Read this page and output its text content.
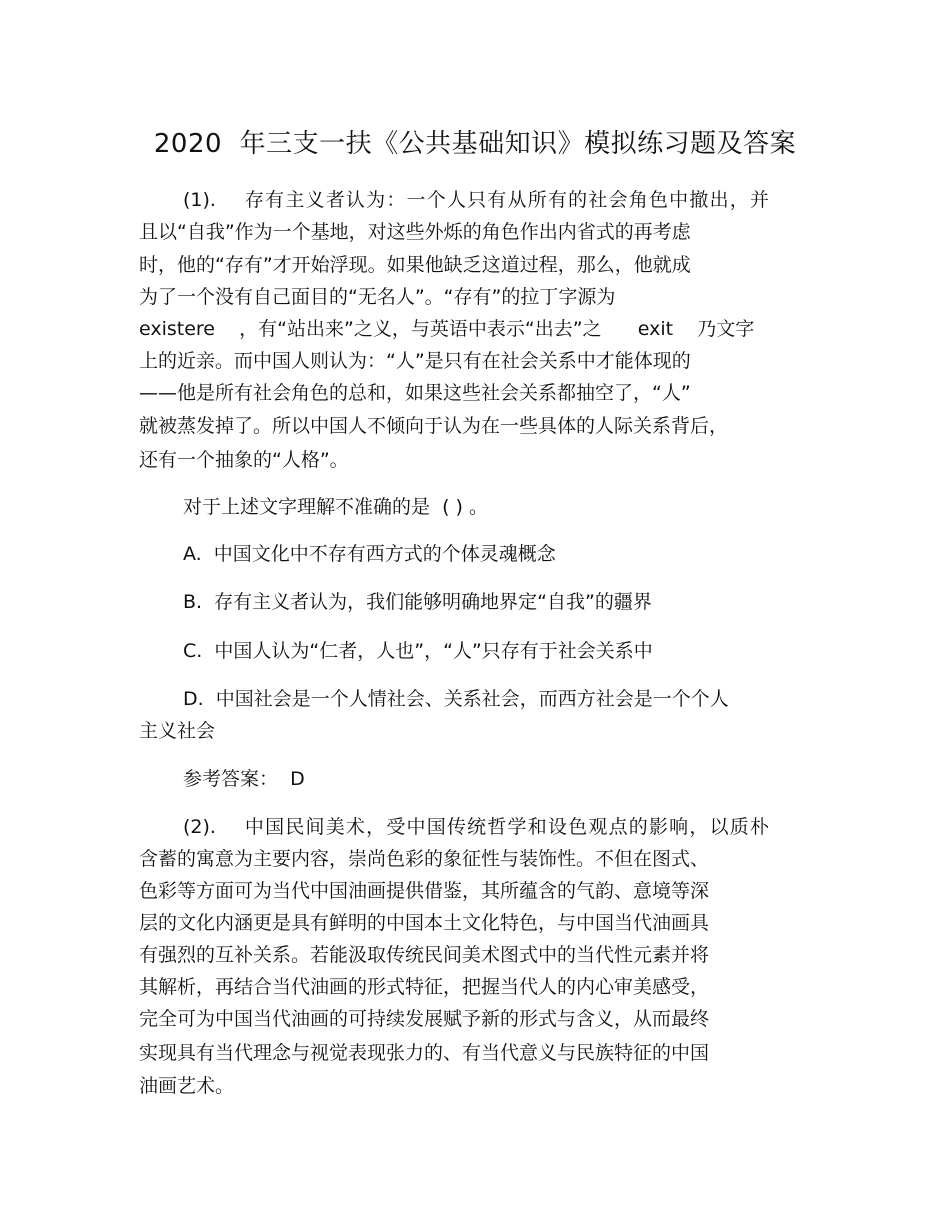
2020  年三支一扶《公共基础知识》模拟练习题及答案
(1).    存有主义者认为：一个人只有从所有的社会角色中撤出，并
且以“自我”作为一个基地，对这些外烁的角色作出内省式的再考虑
时，他的“存有”才开始浮现。如果他缺乏这道过程，那么，他就成
为了一个没有自己面目的“无名人”。“存有”的拉丁字源为
existere    ，有“站出来”之义，与英语中表示“出去”之      exit    乃文字
上的近亲。而中国人则认为：“人”是只有在社会关系中才能体现的
——他是所有社会角色的总和，如果这些社会关系都抽空了，“人”
就被蒸发掉了。所以中国人不倾向于认为在一些具体的人际关系背后，
还有一个抽象的“人格”。
对于上述文字理解不准确的是  ( ) 。
A.  中国文化中不存有西方式的个体灵魂概念
B.  存有主义者认为，我们能够明确地界定“自我”的疆界
C.  中国人认为“仁者，人也”，“人”只存有于社会关系中
D.  中国社会是一个人情社会、关系社会，而西方社会是一个个人
主义社会
参考答案：  D
(2).    中国民间美术，受中国传统哲学和设色观点的影响，以质朴
含蓄的寓意为主要内容，崇尚色彩的象征性与装饰性。不但在图式、
色彩等方面可为当代中国油画提供借鉴，其所蕴含的气韵、意境等深
层的文化内涵更是具有鲜明的中国本土文化特色，与中国当代油画具
有强烈的互补关系。若能汲取传统民间美术图式中的当代性元素并将
其解析，再结合当代油画的形式特征，把握当代人的内心审美感受，
完全可为中国当代油画的可持续发展赋予新的形式与含义，从而最终
实现具有当代理念与视觉表现张力的、有当代意义与民族特征的中国
油画艺术。
